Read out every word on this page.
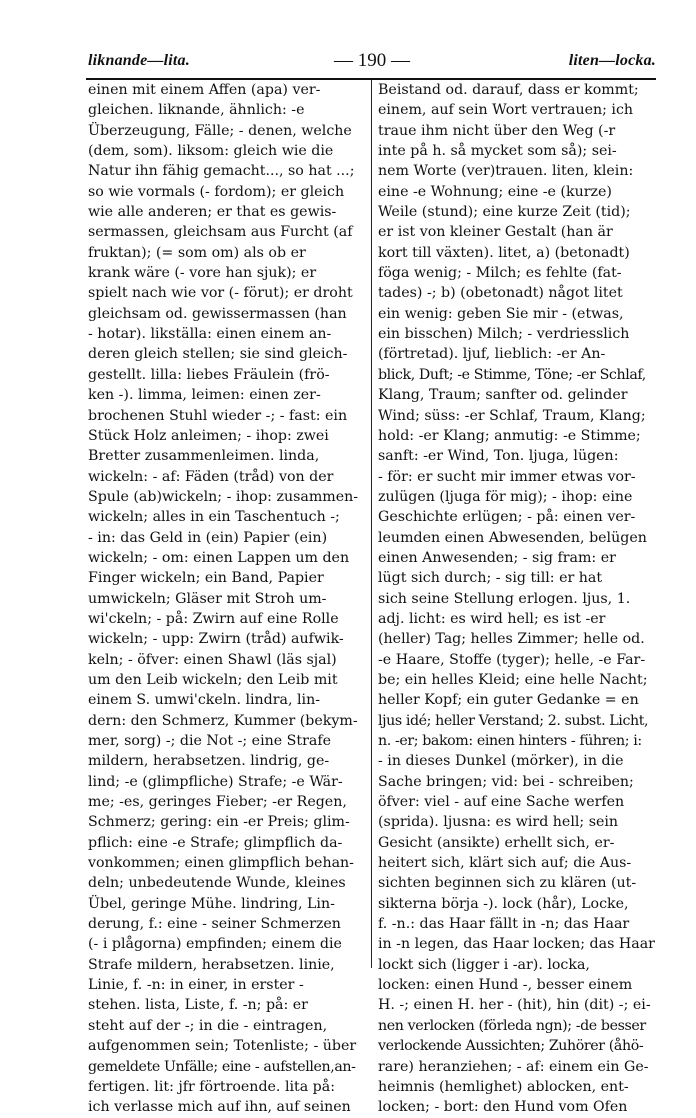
liknande—lita.	— 190 —	liten—locka.
einen mit einem Affen (apa) ver-
gleichen. liknande, ähnlich: -e
Überzeugung, Fälle; - denen, welche
(dem, som). liksom: gleich wie die
Natur ihn fähig gemacht..., so hat ...;
so wie vormals (- fordom); er gleich
wie alle anderen; er that es gewis-
sermassen, gleichsam aus Furcht (af
fruktan); (= som om) als ob er
krank wäre (- vore han sjuk); er
spielt nach wie vor (- förut); er droht
gleichsam od. gewissermassen (han
- hotar). likställa: einen einem an-
deren gleich stellen; sie sind gleich-
gestellt. lilla: liebes Fräulein (frö-
ken -). limma, leimen: einen zer-
brochenen Stuhl wieder -; - fast: ein
Stück Holz anleimen; - ihop: zwei
Bretter zusammenleimen. linda,
wickeln: - af: Fäden (tråd) von der
Spule (ab)wickeln; - ihop: zusammen-
wickeln; alles in ein Taschentuch -;
- in: das Geld in (ein) Papier (ein)
wickeln; - om: einen Lappen um den
Finger wickeln; ein Band, Papier
umwickeln; Gläser mit Stroh um-
wi'ckeln; - på: Zwirn auf eine Rolle
wickeln; - upp: Zwirn (tråd) aufwik-
keln; - öfver: einen Shawl (läs sjal)
um den Leib wickeln; den Leib mit
einem S. umwi'ckeln. lindra, lin-
dern: den Schmerz, Kummer (bekym-
mer, sorg) -; die Not -; eine Strafe
mildern, herabsetzen. lindrig, ge-
lind; -e (glimpfliche) Strafe; -e Wär-
me; -es, geringes Fieber; -er Regen,
Schmerz; gering: ein -er Preis; glim-
pflich: eine -e Strafe; glimpflich da-
vonkommen; einen glimpflich behan-
deln; unbedeutende Wunde, kleines
Übel, geringe Mühe. lindring, Lin-
derung, f.: eine - seiner Schmerzen
(- i plågorna) empfinden; einem die
Strafe mildern, herabsetzen. linie,
Linie, f. -n: in einer, in erster -
stehen. lista, Liste, f. -n; på: er
steht auf der -; in die - eintragen,
aufgenommen sein; Totenliste; - über
gemeldete Unfälle; eine - aufstellen,an-
fertigen. lit: jfr förtroende. lita på:
ich verlasse mich auf ihn, auf seinen
Beistand od. darauf, dass er kommt;
einem, auf sein Wort vertrauen; ich
traue ihm nicht über den Weg (-r
inte på h. så mycket som så); sei-
nem Worte (ver)trauen. liten, klein:
eine -e Wohnung; eine -e (kurze)
Weile (stund); eine kurze Zeit (tid);
er ist von kleiner Gestalt (han är
kort till växten). litet, a) (betonadt)
föga wenig; - Milch; es fehlte (fat-
tades) -; b) (obetonadt) något litet
ein wenig: geben Sie mir - (etwas,
ein bisschen) Milch; - verdriesslich
(förtretad). ljuf, lieblich: -er An-
blick, Duft; -e Stimme, Töne; -er Schlaf,
Klang, Traum; sanfter od. gelinder
Wind; süss: -er Schlaf, Traum, Klang;
hold: -er Klang; anmutig: -e Stimme;
sanft: -er Wind, Ton. ljuga, lügen:
- för: er sucht mir immer etwas vor-
zulügen (ljuga för mig); - ihop: eine
Geschichte erlügen; - på: einen ver-
leumden einen Abwesenden, belügen
einen Anwesenden; - sig fram: er
lügt sich durch; - sig till: er hat
sich seine Stellung erlogen. ljus, 1.
adj. licht: es wird hell; es ist -er
(heller) Tag; helles Zimmer; helle od.
-e Haare, Stoffe (tyger); helle, -e Far-
be; ein helles Kleid; eine helle Nacht;
heller Kopf; ein guter Gedanke = en
ljus idé; heller Verstand; 2. subst. Licht,
n. -er; bakom: einen hinters - führen; i:
- in dieses Dunkel (mörker), in die
Sache bringen; vid: bei - schreiben;
öfver: viel - auf eine Sache werfen
(sprida). ljusna: es wird hell; sein
Gesicht (ansikte) erhellt sich, er-
heitert sich, klärt sich auf; die Aus-
sichten beginnen sich zu klären (ut-
sikterna börja -). lock (hår), Locke,
f. -n.: das Haar fällt in -n; das Haar
in -n legen, das Haar locken; das Haar
lockt sich (ligger i -ar). locka,
locken: einen Hund -, besser einem
H. -; einen H. her - (hit), hin (dit) -; ei-
nen verlocken (förleda ngn); -de besser
verlockende Aussichten; Zuhörer (åhö-
rare) heranziehen; - af: einem ein Ge-
heimnis (hemlighet) ablocken, ent-
locken; - bort: den Hund vom Ofen
